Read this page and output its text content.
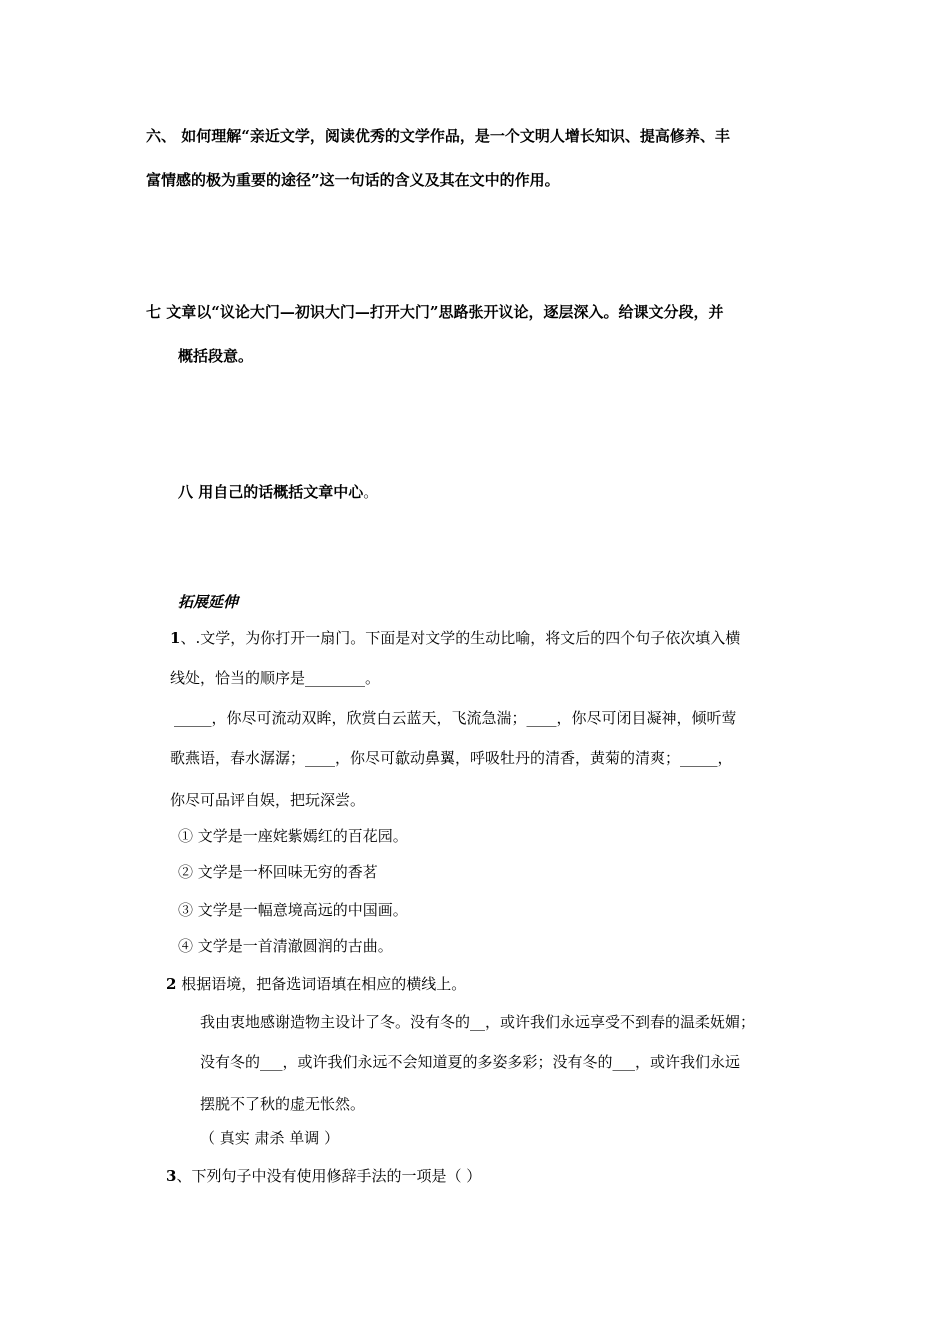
六、 如何理解“亲近文学，阅读优秀的文学作品，是一个文明人增长知识、提高修养、丰
富情感的极为重要的途径”这一句话的含义及其在文中的作用。
七 文章以“议论大门—初识大门—打开大门”思路张开议论，逐层深入。给课文分段，并
概括段意。
八 用自己的话概括文章中心。
拓展延伸
1、.文学，为你打开一扇门。下面是对文学的生动比喻，将文后的四个句子依次填入横
线处，恰当的顺序是________。
_____，你尽可流动双眸，欣赏白云蓝天，飞流急湍；____，你尽可闭目凝神，倾听莺
歌燕语，春水潺潺；____，你尽可歙动鼻翼，呼吸牡丹的清香，黄菊的清爽；_____，
你尽可品评自娱，把玩深尝。
① 文学是一座姹紫嫣红的百花园。
② 文学是一杯回味无穷的香茗
③ 文学是一幅意境高远的中国画。
④ 文学是一首清澈圆润的古曲。
2 根据语境，把备选词语填在相应的横线上。
我由衷地感谢造物主设计了冬。没有冬的__，或许我们永远享受不到春的温柔妩媚；
没有冬的___，或许我们永远不会知道夏的多姿多彩；没有冬的___，或许我们永远
摆脱不了秋的虚无怅然。
（ 真实 肃杀 单调 ）
3、下列句子中没有使用修辞手法的一项是（ ）
